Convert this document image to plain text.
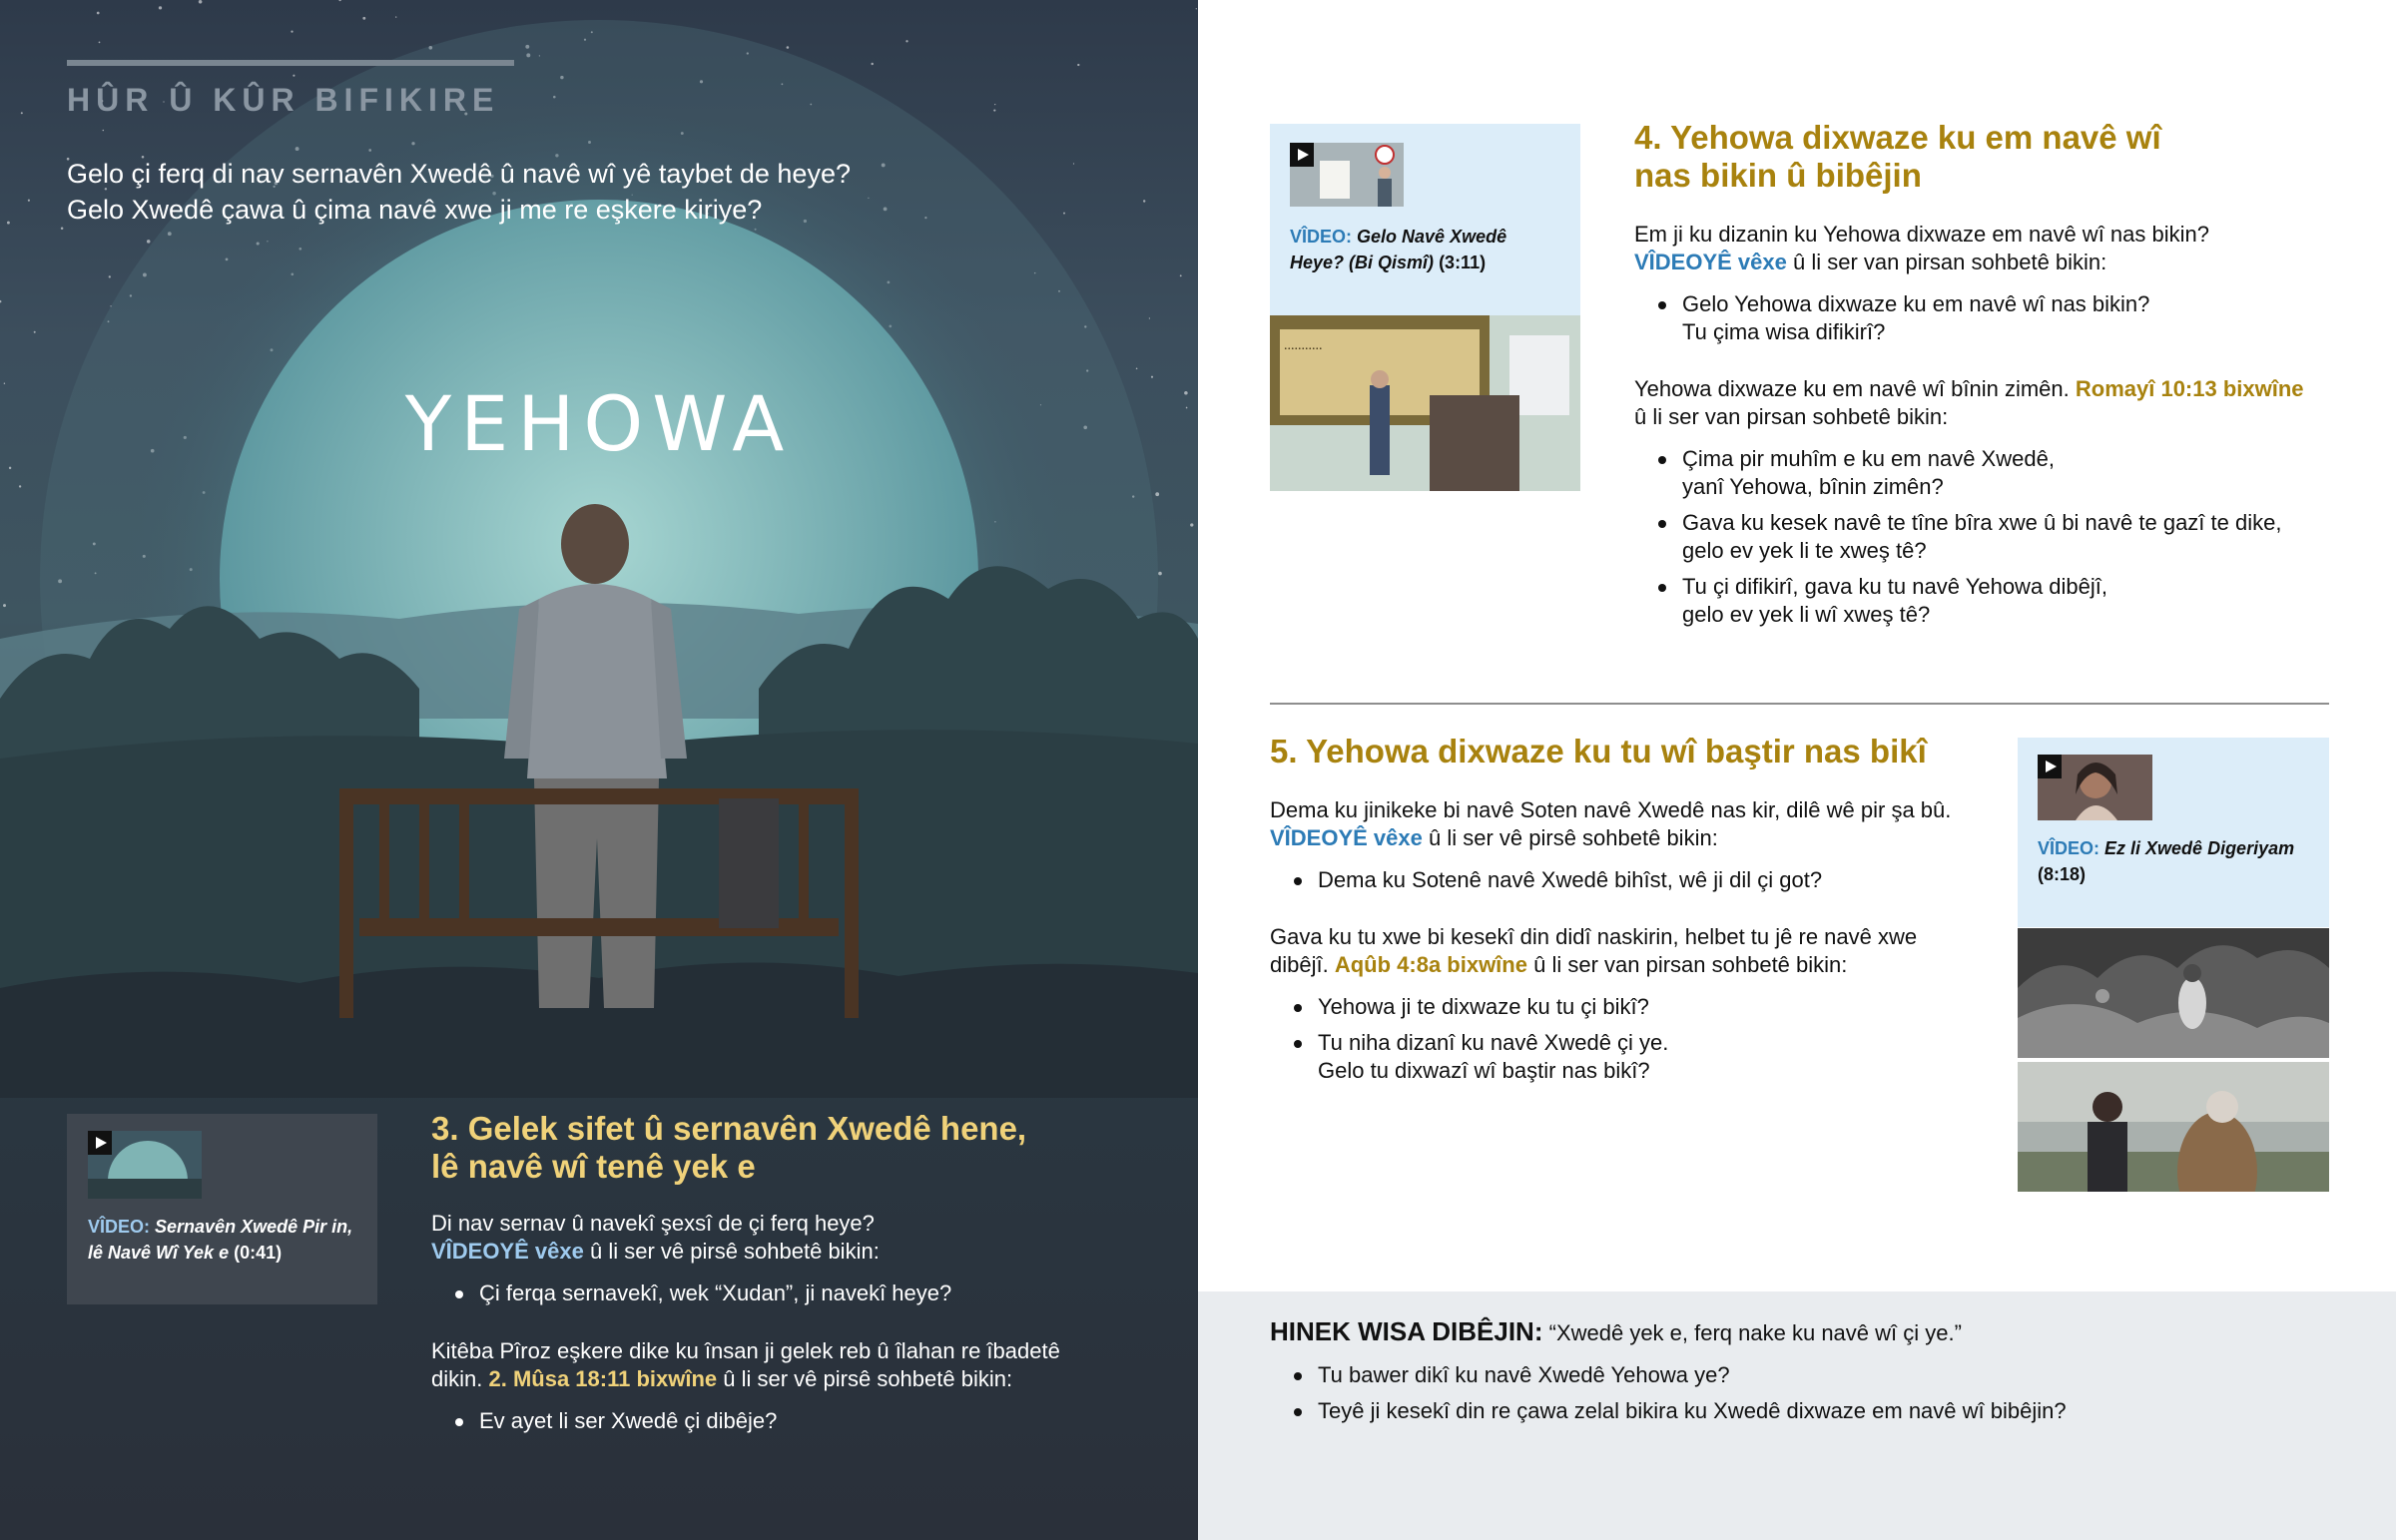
HÛR Û KÛR BIFIKIRE
Gelo çi ferq di nav sernavên Xwedê û navê wî yê taybet de heye?
Gelo Xwedê çawa û çima navê xwe ji me re eşkere kiriye?
YEHOWA
VÎDEO: Sernavên Xwedê Pir in,
lê Navê Wî Yek e (0:41)
3. Gelek sifet û sernavên Xwedê hene,
lê navê wî tenê yek e
Di nav sernav û navekî şexsî de çi ferq heye?
VÎDEOYÊ vêxe û li ser vê pirsê sohbetê bikin:
Çi ferqa sernavekî, wek “Xudan”, ji navekî heye?
Kitêba Pîroz eşkere dike ku însan ji gelek reb û îlahan re îbadetê
dikin. 2. Mûsa 18:11 bixwîne û li ser vê pirsê sohbetê bikin:
Ev ayet li ser Xwedê çi dibêje?
VÎDEO: Gelo Navê Xwedê
Heye? (Bi Qismî) (3:11)
...........
4. Yehowa dixwaze ku em navê wî
nas bikin û bibêjin
Em ji ku dizanin ku Yehowa dixwaze em navê wî nas bikin?
VÎDEOYÊ vêxe û li ser van pirsan sohbetê bikin:
Gelo Yehowa dixwaze ku em navê wî nas bikin?
Tu çima wisa difikirî?
Yehowa dixwaze ku em navê wî bînin zimên. Romayî 10:13 bixwîne
û li ser van pirsan sohbetê bikin:
Çima pir muhîm e ku em navê Xwedê,
yanî Yehowa, bînin zimên?
Gava ku kesek navê te tîne bîra xwe û bi navê te gazî te dike,
gelo ev yek li te xweş tê?
Tu çi difikirî, gava ku tu navê Yehowa dibêjî,
gelo ev yek li wî xweş tê?
5. Yehowa dixwaze ku tu wî baştir nas bikî
Dema ku jinikeke bi navê Soten navê Xwedê nas kir, dilê wê pir şa bû.
VÎDEOYÊ vêxe û li ser vê pirsê sohbetê bikin:
Dema ku Sotenê navê Xwedê bihîst, wê ji dil çi got?
Gava ku tu xwe bi kesekî din didî naskirin, helbet tu jê re navê xwe
dibêjî. Aqûb 4:8a bixwîne û li ser van pirsan sohbetê bikin:
Yehowa ji te dixwaze ku tu çi bikî?
Tu niha dizanî ku navê Xwedê çi ye.
Gelo tu dixwazî wî baştir nas bikî?
VÎDEO: Ez li Xwedê Digeriyam
(8:18)
HINEK WISA DIBÊJIN: “Xwedê yek e, ferq nake ku navê wî çi ye.”
Tu bawer dikî ku navê Xwedê Yehowa ye?
Teyê ji kesekî din re çawa zelal bikira ku Xwedê dixwaze em navê wî bibêjin?
